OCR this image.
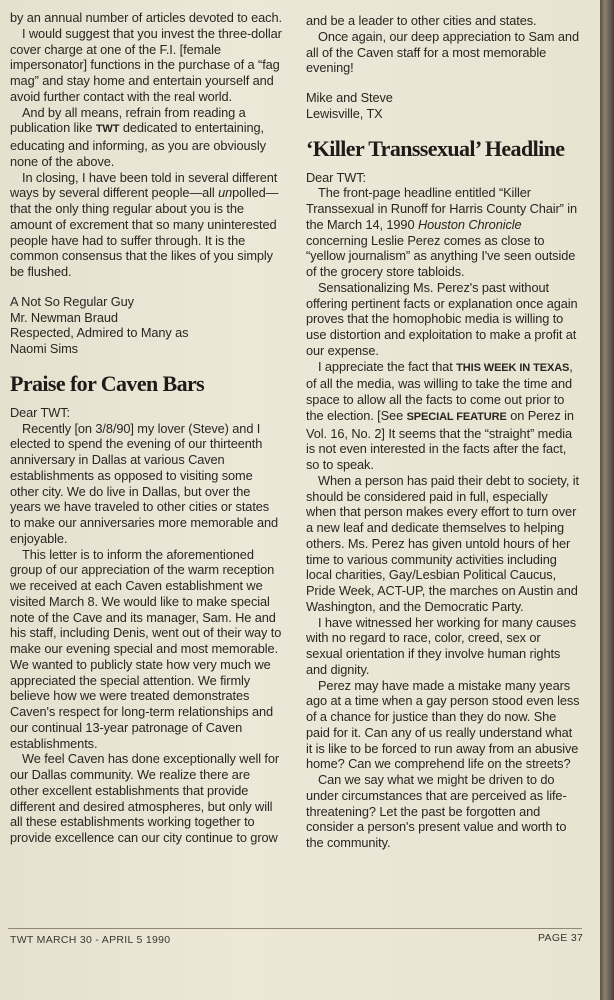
by an annual number of articles devoted to each.

I would suggest that you invest the three-dollar cover charge at one of the F.I. [female impersonator] functions in the purchase of a “fag mag” and stay home and entertain yourself and avoid further contact with the real world.

And by all means, refrain from reading a publication like TWT dedicated to entertaining, educating and informing, as you are obviously none of the above.

In closing, I have been told in several different ways by several different people—all unpolled—that the only thing regular about you is the amount of excrement that so many uninterested people have had to suffer through. It is the common consensus that the likes of you simply be flushed.

A Not So Regular Guy

Mr. Newman Braud

Respected, Admired to Many as

Naomi Sims

Praise for Caven Bars

Dear TWT:

Recently [on 3/8/90] my lover (Steve) and I elected to spend the evening of our thirteenth anniversary in Dallas at various Caven establishments as opposed to visiting some other city. We do live in Dallas, but over the years we have traveled to other cities or states to make our anniversaries more memorable and enjoyable.

This letter is to inform the aforementioned group of our appreciation of the warm reception we received at each Caven establishment we visited March 8. We would like to make special note of the Cave and its manager, Sam. He and his staff, including Denis, went out of their way to make our evening special and most memorable. We wanted to publicly state how very much we appreciated the special attention. We firmly believe how we were treated demonstrates Caven's respect for long-term relationships and our continual 13-year patronage of Caven establishments.

We feel Caven has done exceptionally well for our Dallas community. We realize there are other excellent establishments that provide different and desired atmospheres, but only will all these establishments working together to provide excellence can our city continue to grow

and be a leader to other cities and states.

Once again, our deep appreciation to Sam and all of the Caven staff for a most memorable evening!

Mike and Steve

Lewisville, TX

‘Killer Transsexual’ Headline

Dear TWT:

The front-page headline entitled “Killer Transsexual in Runoff for Harris County Chair” in the March 14, 1990 Houston Chronicle concerning Leslie Perez comes as close to “yellow journalism” as anything I've seen outside of the grocery store tabloids.

Sensationalizing Ms. Perez's past without offering pertinent facts or explanation once again proves that the homophobic media is willing to use distortion and exploitation to make a profit at our expense.

I appreciate the fact that THIS WEEK IN TEXAS, of all the media, was willing to take the time and space to allow all the facts to come out prior to the election. [See SPECIAL FEATURE on Perez in Vol. 16, No. 2] It seems that the “straight” media is not even interested in the facts after the fact, so to speak.

When a person has paid their debt to society, it should be considered paid in full, especially when that person makes every effort to turn over a new leaf and dedicate themselves to helping others. Ms. Perez has given untold hours of her time to various community activities including local charities, Gay/Lesbian Political Caucus, Pride Week, ACT-UP, the marches on Austin and Washington, and the Democratic Party.

I have witnessed her working for many causes with no regard to race, color, creed, sex or sexual orientation if they involve human rights and dignity.

Perez may have made a mistake many years ago at a time when a gay person stood even less of a chance for justice than they do now. She paid for it. Can any of us really understand what it is like to be forced to run away from an abusive home? Can we comprehend life on the streets?

Can we say what we might be driven to do under circumstances that are perceived as life-threatening? Let the past be forgotten and consider a person's present value and worth to the community.

TWT MARCH 30 - APRIL 5 1990	PAGE 37
